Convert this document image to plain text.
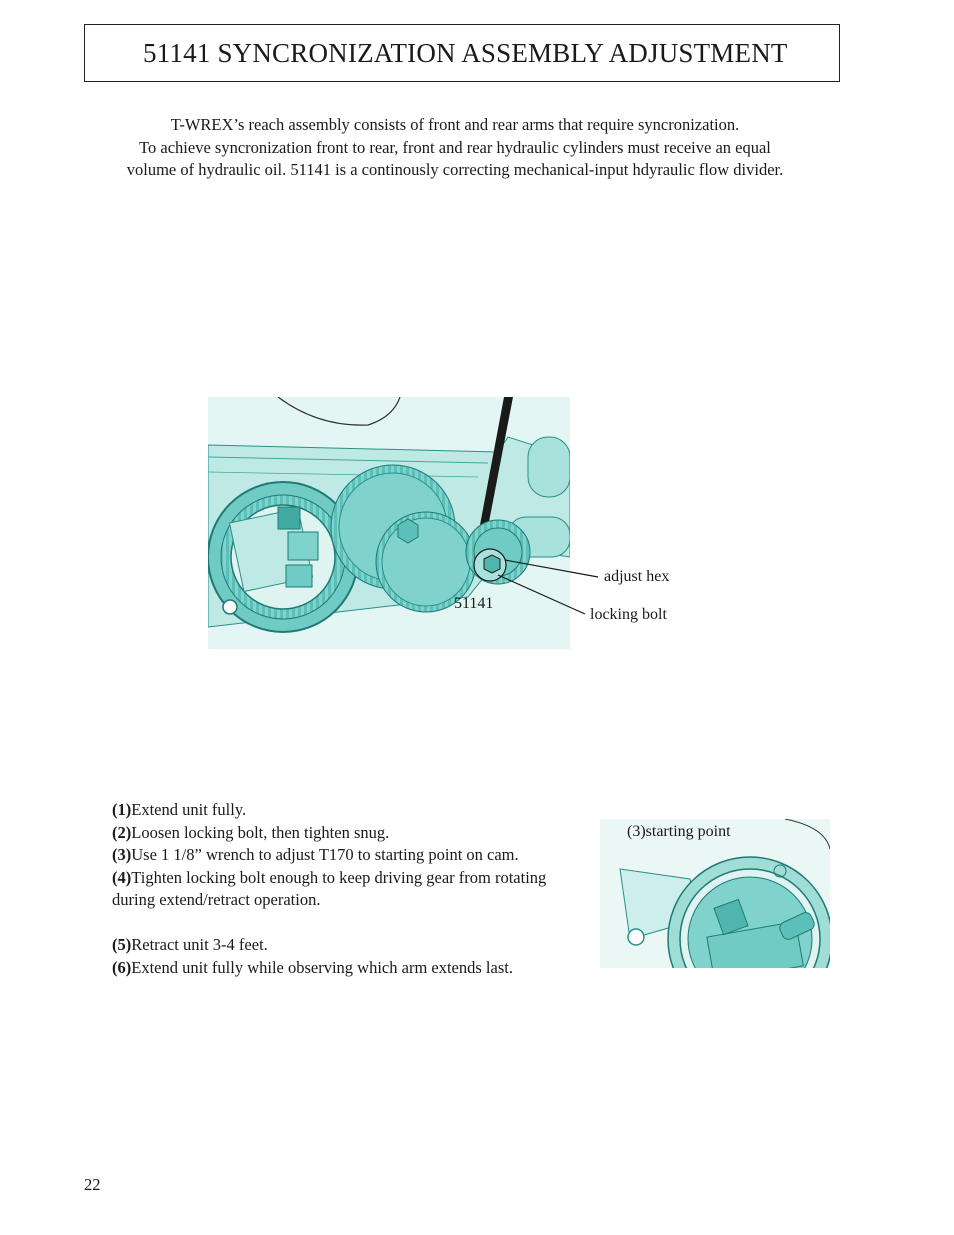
51141 SYNCRONIZATION ASSEMBLY ADJUSTMENT

T-WREX’s reach assembly consists of front and rear arms that require syncronization.

To achieve syncronization front to rear, front and rear hydraulic cylinders must receive an equal

volume of hydraulic oil. 51141 is a continously correcting mechanical-input hdyraulic flow divider.

51141
adjust hex
locking bolt
(1)Extend unit fully.
(2)Loosen locking bolt, then tighten snug.
(3)Use 1 1/8” wrench to adjust T170 to starting point on cam.
(4)Tighten locking bolt enough to keep driving gear from rotating
during extend/retract operation.
(5)Retract unit 3-4 feet.
(6)Extend unit fully while observing which arm extends last.
(3)starting point
22
